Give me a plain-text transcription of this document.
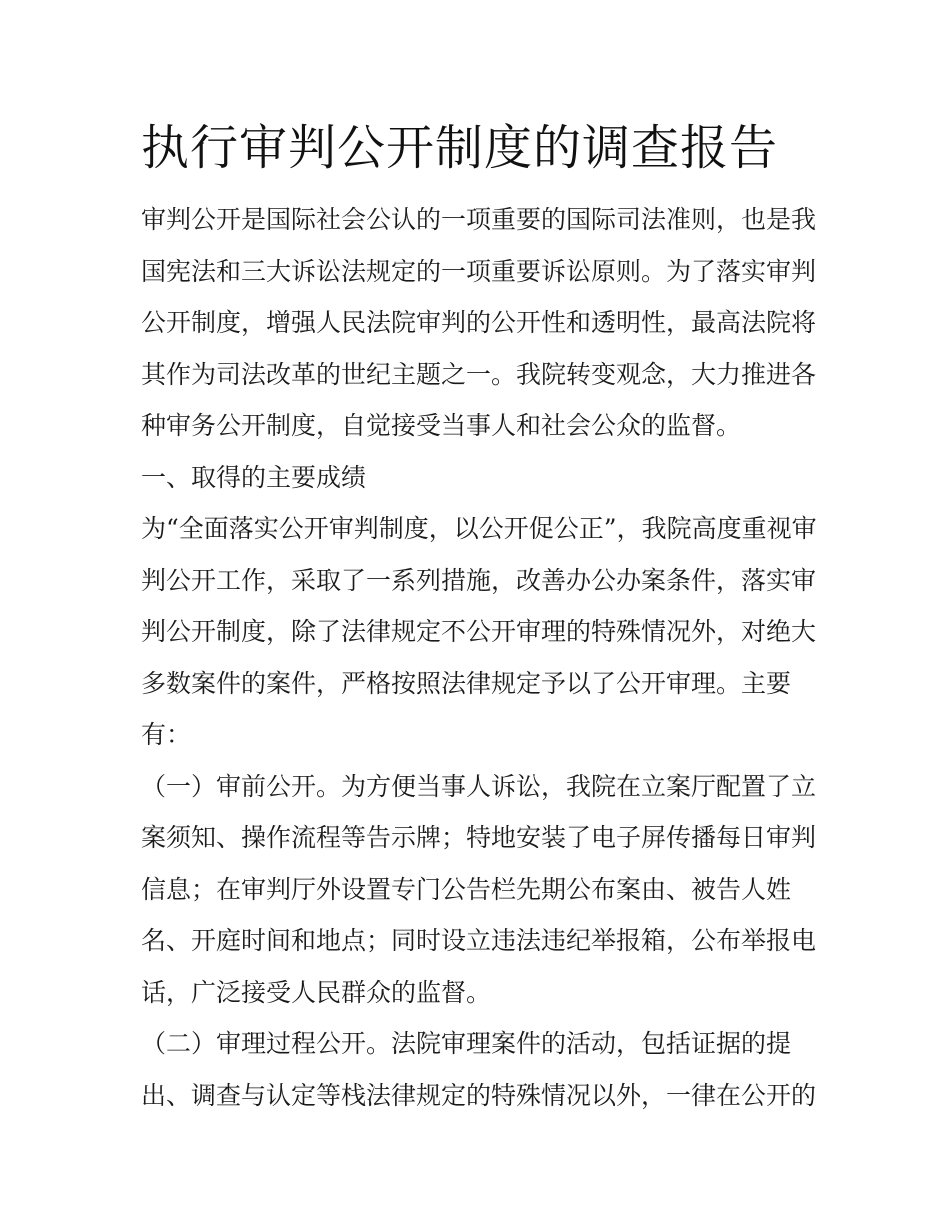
执行审判公开制度的调查报告
审判公开是国际社会公认的一项重要的国际司法准则，也是我
国宪法和三大诉讼法规定的一项重要诉讼原则。为了落实审判
公开制度，增强人民法院审判的公开性和透明性，最高法院将
其作为司法改革的世纪主题之一。我院转变观念，大力推进各
种审务公开制度，自觉接受当事人和社会公众的监督。
一、取得的主要成绩
为“全面落实公开审判制度，以公开促公正”，我院高度重视审
判公开工作，采取了一系列措施，改善办公办案条件，落实审
判公开制度，除了法律规定不公开审理的特殊情况外，对绝大
多数案件的案件，严格按照法律规定予以了公开审理。主要
有：
（一）审前公开。为方便当事人诉讼，我院在立案厅配置了立
案须知、操作流程等告示牌；特地安装了电子屏传播每日审判
信息；在审判厅外设置专门公告栏先期公布案由、被告人姓
名、开庭时间和地点；同时设立违法违纪举报箱，公布举报电
话，广泛接受人民群众的监督。
（二）审理过程公开。法院审理案件的活动，包括证据的提
出、调查与认定等栈法律规定的特殊情况以外，一律在公开的
